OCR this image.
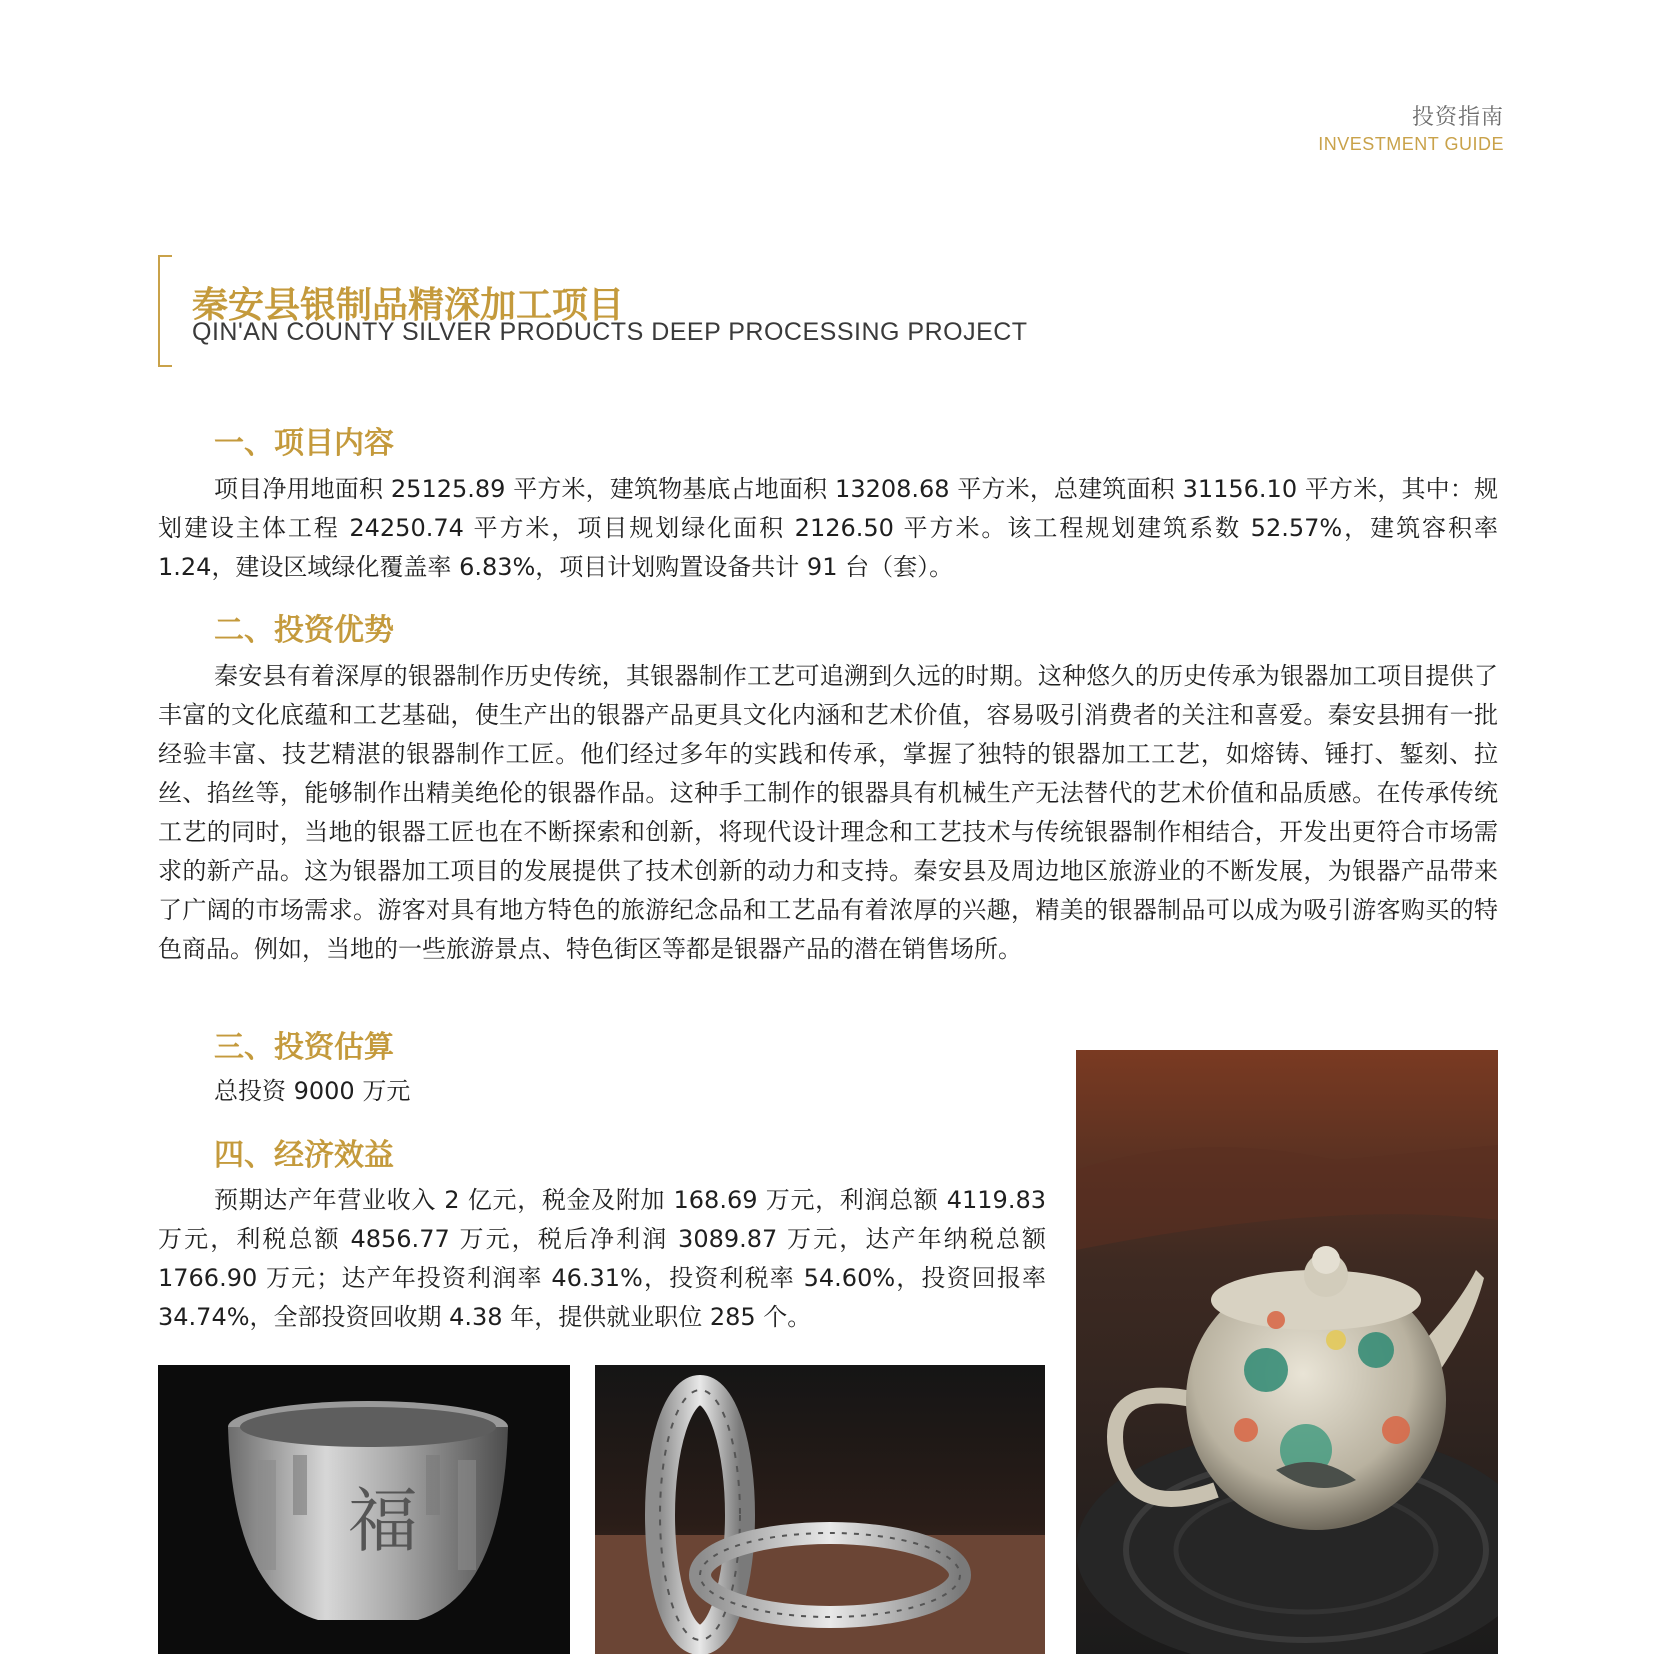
投资指南
INVESTMENT GUIDE
秦安县银制品精深加工项目
QIN'AN COUNTY SILVER PRODUCTS DEEP PROCESSING PROJECT
一、项目内容

项目净用地面积 25125.89 平方米，建筑物基底占地面积 13208.68 平方米，总建筑面积 31156.10 平方米，其中：规划建设主体工程 24250.74 平方米，项目规划绿化面积 2126.50 平方米。该工程规划建筑系数 52.57%，建筑容积率 1.24，建设区域绿化覆盖率 6.83%，项目计划购置设备共计 91 台（套）。

二、投资优势

秦安县有着深厚的银器制作历史传统，其银器制作工艺可追溯到久远的时期。这种悠久的历史传承为银器加工项目提供了丰富的文化底蕴和工艺基础，使生产出的银器产品更具文化内涵和艺术价值，容易吸引消费者的关注和喜爱。秦安县拥有一批经验丰富、技艺精湛的银器制作工匠。他们经过多年的实践和传承，掌握了独特的银器加工工艺，如熔铸、锤打、錾刻、拉丝、掐丝等，能够制作出精美绝伦的银器作品。这种手工制作的银器具有机械生产无法替代的艺术价值和品质感。在传承传统工艺的同时，当地的银器工匠也在不断探索和创新，将现代设计理念和工艺技术与传统银器制作相结合，开发出更符合市场需求的新产品。这为银器加工项目的发展提供了技术创新的动力和支持。秦安县及周边地区旅游业的不断发展，为银器产品带来了广阔的市场需求。游客对具有地方特色的旅游纪念品和工艺品有着浓厚的兴趣，精美的银器制品可以成为吸引游客购买的特色商品。例如，当地的一些旅游景点、特色街区等都是银器产品的潜在销售场所。

三、投资估算

总投资 9000 万元

四、经济效益

预期达产年营业收入 2 亿元，税金及附加 168.69 万元，利润总额 4119.83 万元，利税总额 4856.77 万元，税后净利润 3089.87 万元，达产年纳税总额 1766.90 万元；达产年投资利润率 46.31%，投资利税率 54.60%，投资回报率 34.74%，全部投资回收期 4.38 年，提供就业职位 285 个。

福
